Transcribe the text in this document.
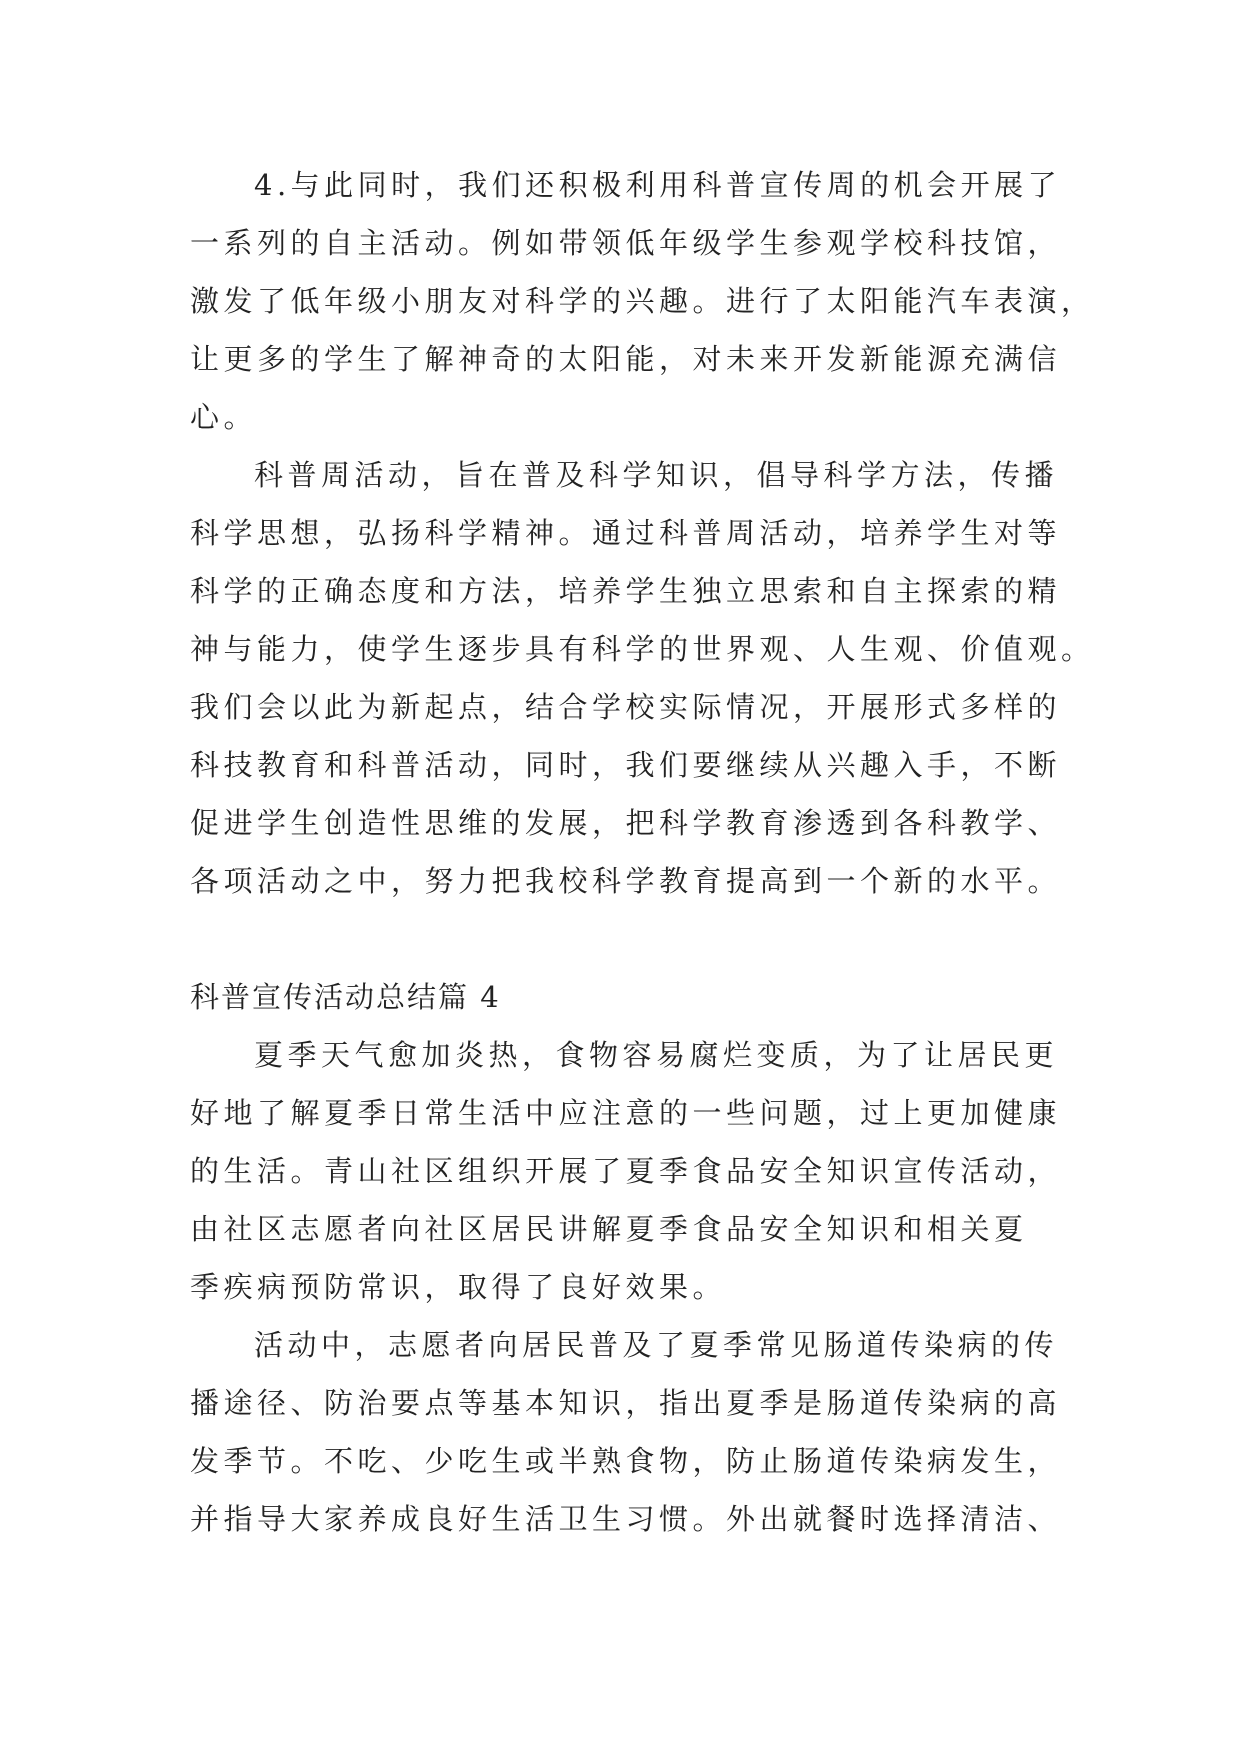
4.与此同时，我们还积极利用科普宣传周的机会开展了
一系列的自主活动。例如带领低年级学生参观学校科技馆，
激发了低年级小朋友对科学的兴趣。进行了太阳能汽车表演，
让更多的学生了解神奇的太阳能，对未来开发新能源充满信
心。
科普周活动，旨在普及科学知识，倡导科学方法，传播
科学思想，弘扬科学精神。通过科普周活动，培养学生对等
科学的正确态度和方法，培养学生独立思索和自主探索的精
神与能力，使学生逐步具有科学的世界观、人生观、价值观。
我们会以此为新起点，结合学校实际情况，开展形式多样的
科技教育和科普活动，同时，我们要继续从兴趣入手，不断
促进学生创造性思维的发展，把科学教育渗透到各科教学、
各项活动之中，努力把我校科学教育提高到一个新的水平。
科普宣传活动总结篇 4
夏季天气愈加炎热，食物容易腐烂变质，为了让居民更
好地了解夏季日常生活中应注意的一些问题，过上更加健康
的生活。青山社区组织开展了夏季食品安全知识宣传活动，
由社区志愿者向社区居民讲解夏季食品安全知识和相关夏
季疾病预防常识，取得了良好效果。
活动中，志愿者向居民普及了夏季常见肠道传染病的传
播途径、防治要点等基本知识，指出夏季是肠道传染病的高
发季节。不吃、少吃生或半熟食物，防止肠道传染病发生，
并指导大家养成良好生活卫生习惯。外出就餐时选择清洁、
